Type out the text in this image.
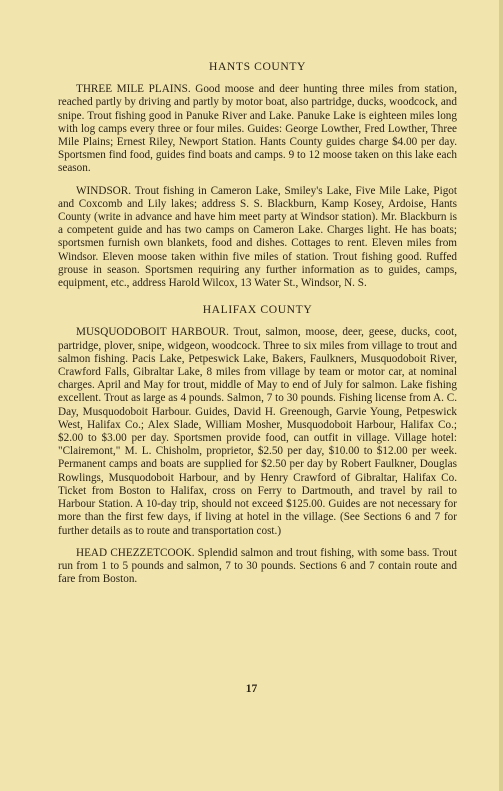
HANTS COUNTY

THREE MILE PLAINS. Good moose and deer hunting three miles from station, reached partly by driving and partly by motor boat, also partridge, ducks, woodcock, and snipe. Trout fishing good in Panuke River and Lake. Panuke Lake is eighteen miles long with log camps every three or four miles. Guides: George Lowther, Fred Lowther, Three Mile Plains; Ernest Riley, Newport Station. Hants County guides charge $4.00 per day. Sportsmen find food, guides find boats and camps. 9 to 12 moose taken on this lake each season.

WINDSOR. Trout fishing in Cameron Lake, Smiley's Lake, Five Mile Lake, Pigot and Coxcomb and Lily lakes; address S. S. Blackburn, Kamp Kosey, Ardoise, Hants County (write in advance and have him meet party at Windsor station). Mr. Blackburn is a competent guide and has two camps on Cameron Lake. Charges light. He has boats; sportsmen furnish own blankets, food and dishes. Cottages to rent. Eleven miles from Windsor. Eleven moose taken within five miles of station. Trout fishing good. Ruffed grouse in season. Sportsmen requiring any further information as to guides, camps, equipment, etc., address Harold Wilcox, 13 Water St., Windsor, N. S.

HALIFAX COUNTY

MUSQUODOBOIT HARBOUR. Trout, salmon, moose, deer, geese, ducks, coot, partridge, plover, snipe, widgeon, woodcock. Three to six miles from village to trout and salmon fishing. Pacis Lake, Petpeswick Lake, Bakers, Faulkners, Musquodoboit River, Crawford Falls, Gibraltar Lake, 8 miles from village by team or motor car, at nominal charges. April and May for trout, middle of May to end of July for salmon. Lake fishing excellent. Trout as large as 4 pounds. Salmon, 7 to 30 pounds. Fishing license from A. C. Day, Musquodoboit Harbour. Guides, David H. Greenough, Garvie Young, Petpeswick West, Halifax Co.; Alex Slade, William Mosher, Musquodoboit Harbour, Halifax Co.; $2.00 to $3.00 per day. Sportsmen provide food, can outfit in village. Village hotel: "Clairemont," M. L. Chisholm, proprietor, $2.50 per day, $10.00 to $12.00 per week. Permanent camps and boats are supplied for $2.50 per day by Robert Faulkner, Douglas Rowlings, Musquodoboit Harbour, and by Henry Crawford of Gibraltar, Halifax Co. Ticket from Boston to Halifax, cross on Ferry to Dartmouth, and travel by rail to Harbour Station. A 10-day trip, should not exceed $125.00. Guides are not necessary for more than the first few days, if living at hotel in the village. (See Sections 6 and 7 for further details as to route and transportation cost.)

HEAD CHEZZETCOOK. Splendid salmon and trout fishing, with some bass. Trout run from 1 to 5 pounds and salmon, 7 to 30 pounds. Sections 6 and 7 contain route and fare from Boston.

17
